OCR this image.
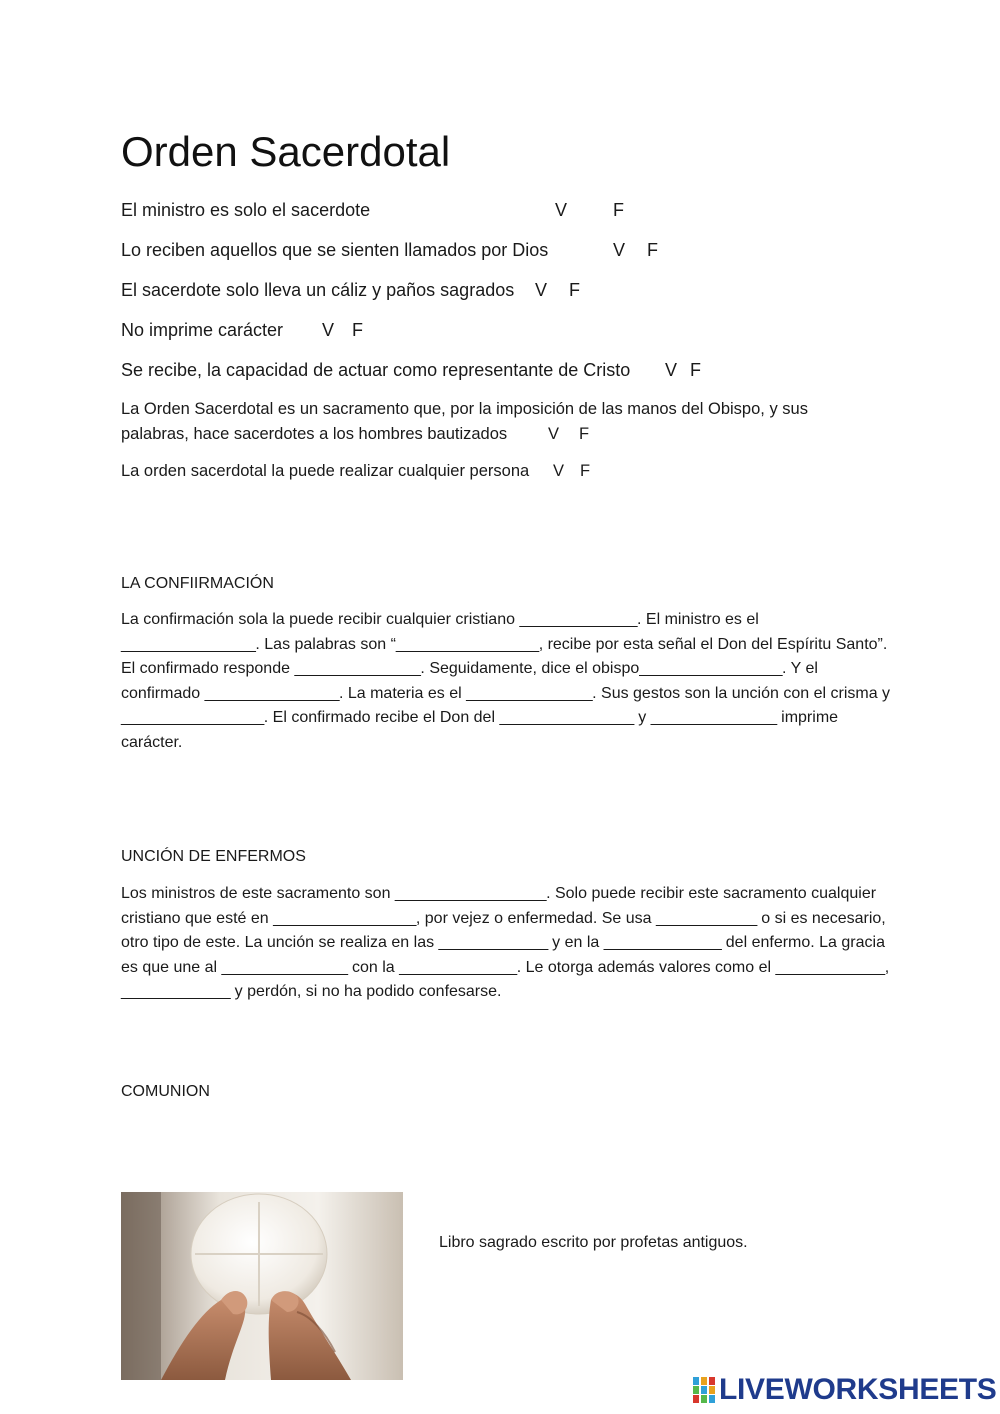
Orden Sacerdotal
El ministro es solo el sacerdote	V	F
Lo reciben aquellos que se sienten llamados por Dios	V F
El sacerdote solo lleva un cáliz y paños sagrados V F
No imprime carácter V F
Se recibe, la capacidad de actuar como representante de Cristo V F
La Orden Sacerdotal es un sacramento que, por la imposición de las manos del Obispo, y sus
palabras, hace sacerdotes a los hombres bautizados V F
La orden sacerdotal la puede realizar cualquier persona V F
LA CONFIIRMACIÓN
La confirmación sola la puede recibir cualquier cristiano ______________. El ministro es el ________________. Las palabras son “_________________, recibe por esta señal el Don del Espíritu Santo”. El confirmado responde _______________. Seguidamente, dice el obispo_________________. Y el confirmado ________________. La materia es el _______________. Sus gestos son la unción con el crisma y _________________. El confirmado recibe el Don del ________________ y _______________ imprime carácter.
UNCIÓN DE ENFERMOS
Los ministros de este sacramento son __________________. Solo puede recibir este sacramento cualquier cristiano que esté en _________________, por vejez o enfermedad. Se usa ____________ o si es necesario, otro tipo de este. La unción se realiza en las _____________ y en la ______________ del enfermo. La gracia es que une al _______________ con la ______________. Le otorga además valores como el _____________, _____________ y perdón, si no ha podido confesarse.
COMUNION
Libro sagrado escrito por profetas antiguos.
LIVEWORKSHEETS
